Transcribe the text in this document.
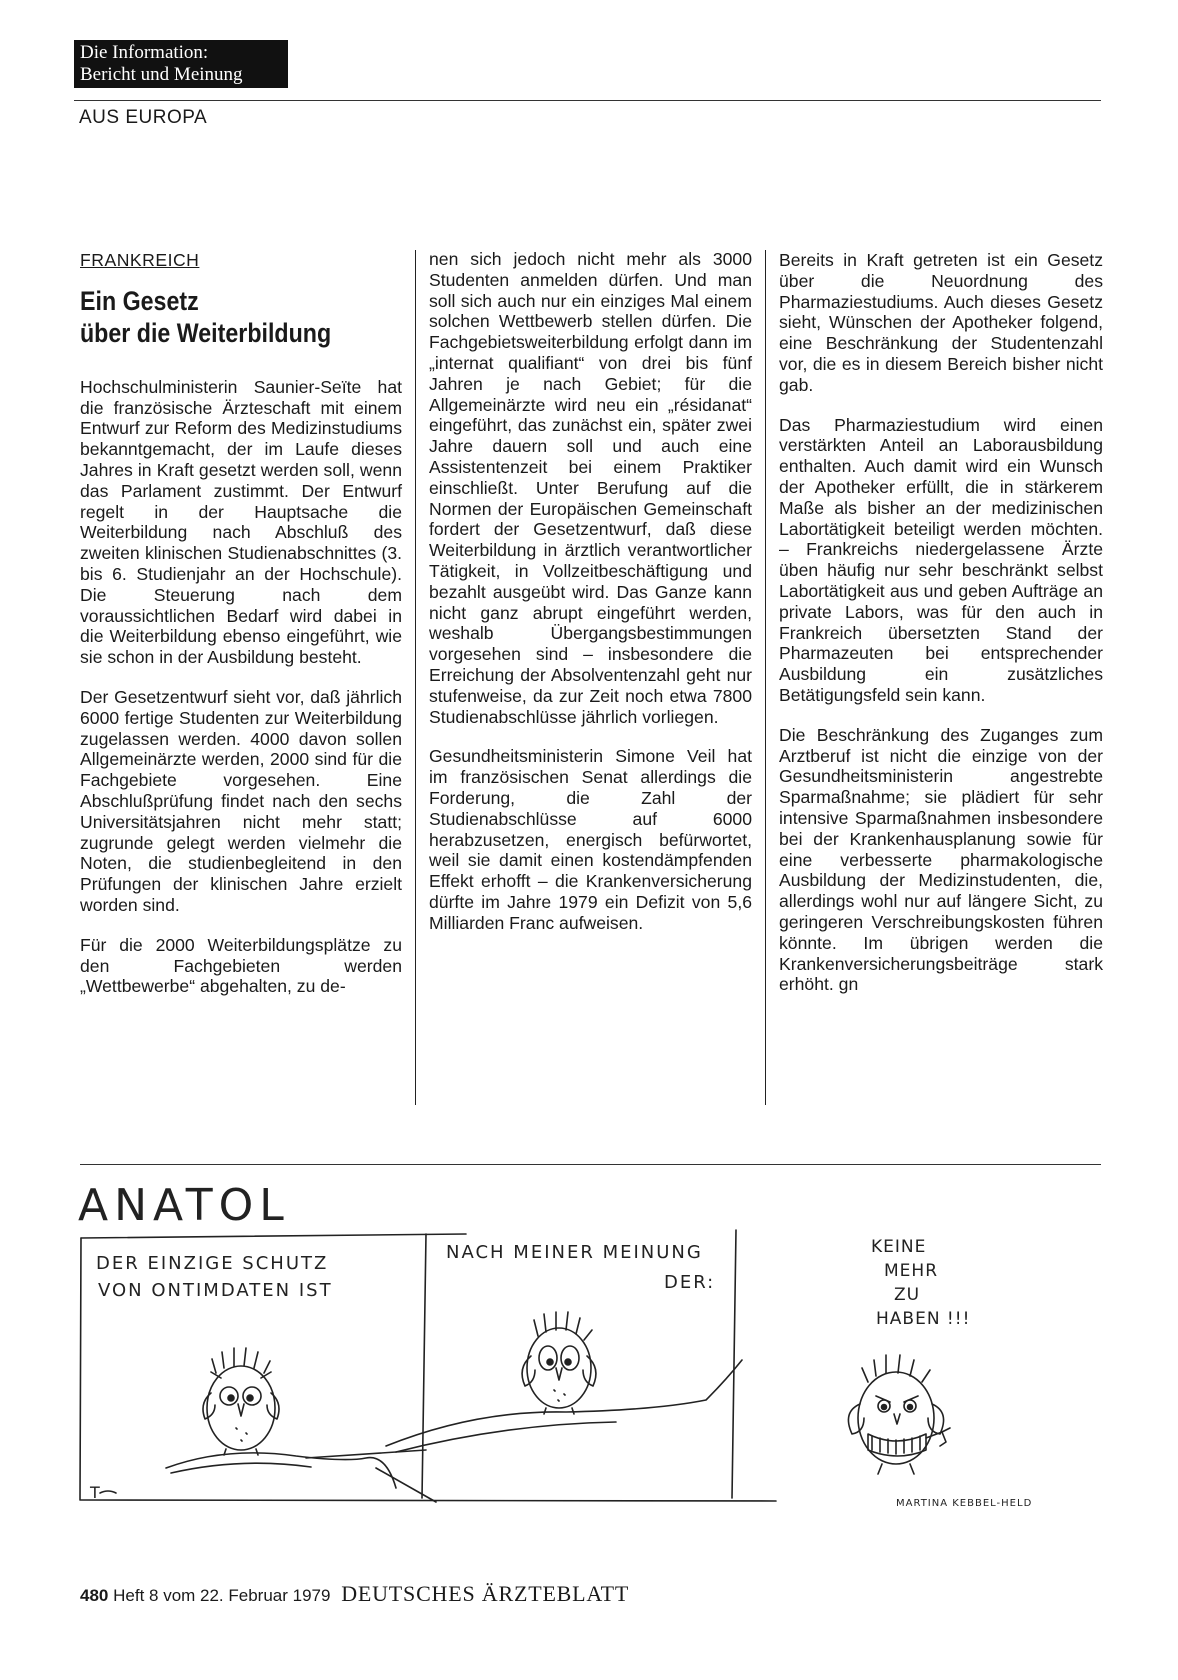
Die Information:
Bericht und Meinung
AUS EUROPA
FRANKREICH
Ein Gesetz
über die Weiterbildung

Hochschulministerin Saunier-Seïte hat die französische Ärzteschaft mit einem Entwurf zur Reform des Medizinstudiums bekanntgemacht, der im Laufe dieses Jahres in Kraft gesetzt werden soll, wenn das Parlament zustimmt. Der Entwurf regelt in der Hauptsache die Weiterbildung nach Abschluß des zweiten klinischen Studienabschnittes (3. bis 6. Studienjahr an der Hochschule). Die Steuerung nach dem voraussichtlichen Bedarf wird dabei in die Weiterbildung ebenso eingeführt, wie sie schon in der Ausbildung besteht.

Der Gesetzentwurf sieht vor, daß jährlich 6000 fertige Studenten zur Weiterbildung zugelassen werden. 4000 davon sollen Allgemeinärzte werden, 2000 sind für die Fachgebiete vorgesehen. Eine Abschlußprüfung findet nach den sechs Universitätsjahren nicht mehr statt; zugrunde gelegt werden vielmehr die Noten, die studienbegleitend in den Prüfungen der klinischen Jahre erzielt worden sind.

Für die 2000 Weiterbildungsplätze zu den Fachgebieten werden „Wettbewerbe“ abgehalten, zu de-

nen sich jedoch nicht mehr als 3000 Studenten anmelden dürfen. Und man soll sich auch nur ein einziges Mal einem solchen Wettbewerb stellen dürfen. Die Fachgebietsweiterbildung erfolgt dann im „internat qualifiant“ von drei bis fünf Jahren je nach Gebiet; für die Allgemeinärzte wird neu ein „résidanat“ eingeführt, das zunächst ein, später zwei Jahre dauern soll und auch eine Assistentenzeit bei einem Praktiker einschließt. Unter Berufung auf die Normen der Europäischen Gemeinschaft fordert der Gesetzentwurf, daß diese Weiterbildung in ärztlich verantwortlicher Tätigkeit, in Vollzeitbeschäftigung und bezahlt ausgeübt wird. Das Ganze kann nicht ganz abrupt eingeführt werden, weshalb Übergangsbestimmungen vorgesehen sind – insbesondere die Erreichung der Absolventenzahl geht nur stufenweise, da zur Zeit noch etwa 7800 Studienabschlüsse jährlich vorliegen.

Gesundheitsministerin Simone Veil hat im französischen Senat allerdings die Forderung, die Zahl der Studienabschlüsse auf 6000 herabzusetzen, energisch befürwortet, weil sie damit einen kostendämpfenden Effekt erhofft – die Krankenversicherung dürfte im Jahre 1979 ein Defizit von 5,6 Milliarden Franc aufweisen.

Bereits in Kraft getreten ist ein Gesetz über die Neuordnung des Pharmaziestudiums. Auch dieses Gesetz sieht, Wünschen der Apotheker folgend, eine Beschränkung der Studentenzahl vor, die es in diesem Bereich bisher nicht gab.

Das Pharmaziestudium wird einen verstärkten Anteil an Laborausbildung enthalten. Auch damit wird ein Wunsch der Apotheker erfüllt, die in stärkerem Maße als bisher an der medizinischen Labortätigkeit beteiligt werden möchten. – Frankreichs niedergelassene Ärzte üben häufig nur sehr beschränkt selbst Labortätigkeit aus und geben Aufträge an private Labors, was für den auch in Frankreich übersetzten Stand der Pharmazeuten bei entsprechender Ausbildung ein zusätzliches Betätigungsfeld sein kann.

Die Beschränkung des Zuganges zum Arztberuf ist nicht die einzige von der Gesundheitsministerin angestrebte Sparmaßnahme; sie plädiert für sehr intensive Sparmaßnahmen insbesondere bei der Krankenhausplanung sowie für eine verbesserte pharmakologische Ausbildung der Medizinstudenten, die, allerdings wohl nur auf längere Sicht, zu geringeren Verschreibungskosten führen könnte. Im übrigen werden die Krankenversicherungsbeiträge stark erhöht. gn

ANATOL
DER EINZIGE SCHUTZ
VON ONTIMDATEN IST
NACH MEINER MEINUNG
DER:
KEINE
MEHR
ZU
HABEN !!!
T
MARTINA KEBBEL-HELD
480 Heft 8 vom 22. Februar 1979 DEUTSCHES ÄRZTEBLATT
